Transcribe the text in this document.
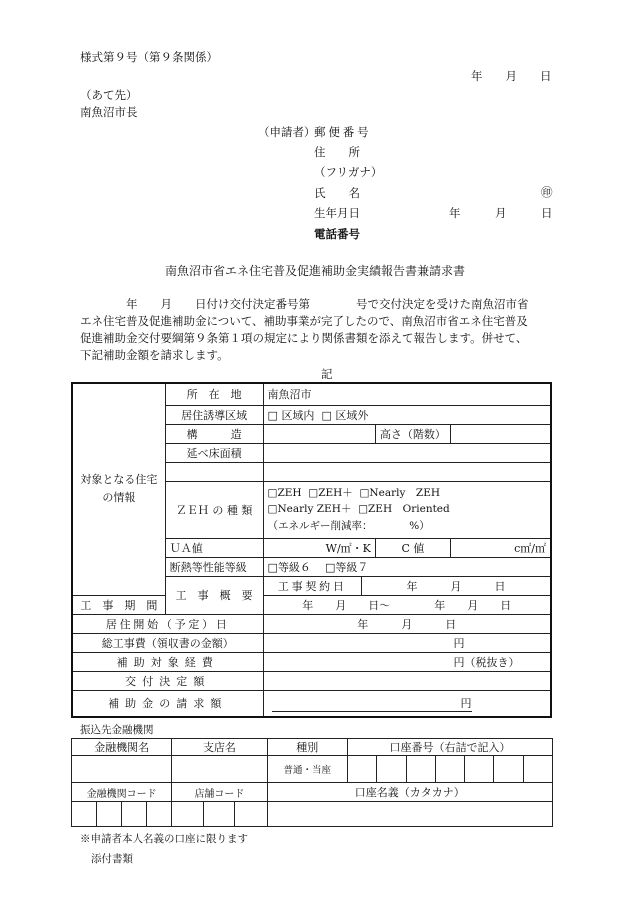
様式第９号（第９条関係）
年　　月　　日
（あて先）
南魚沼市長
（申請者）
郵便番号
住　　所
（フリガナ）
氏　　名	㊞
生年月日	年　　　月　　　日
電話番号
南魚沼市省エネ住宅普及促進補助金実績報告書兼請求書
　　　　年　　月　　日付け交付決定番号第　　　　号で交付決定を受けた南魚沼市省
エネ住宅普及促進補助金について、補助事業が完了したので、南魚沼市省エネ住宅普及
促進補助金交付要綱第９条第１項の規定により関係書類を添えて報告します。併せて、
下記補助金額を請求します。
記
対象となる住宅の情報	所　在　地	南魚沼市			
	居住誘導区域	□区域内 □ 区域外
	構　　　造			高さ（階数）	
	延べ床面積				

	ＺＥＨ の 種 類	□ ZEH □ ZEH＋ □ Nearly　ZEH
□ Nearly ZEH＋ □ ZEH　Oriented
（エネルギー削減率：　　　　%）
	ＵＡ値	W/㎡・K		C 値	c㎡/㎡
	断熱等性能等級	□等級６ □ 等級７
	工　事　概　要	工事契約日	年　　　月　　　日		
工　事　期　間		年　　月　　日～　　　　年　　月　　日			
居住開始（予定）日		年　　　月　　　日			
総工事費（領収書の金額）		円			
補助対象経費		円（税抜き）			
交付決定額					
補助金の請求額		円			
振込先金融機関
金融機関名				支店名			種別	口座番号（右詰で記入）						
							普通・当座							
金融機関コード				店舗コード			口座名義（カタカナ）							

※申請者本人名義の口座に限ります
添付書類
